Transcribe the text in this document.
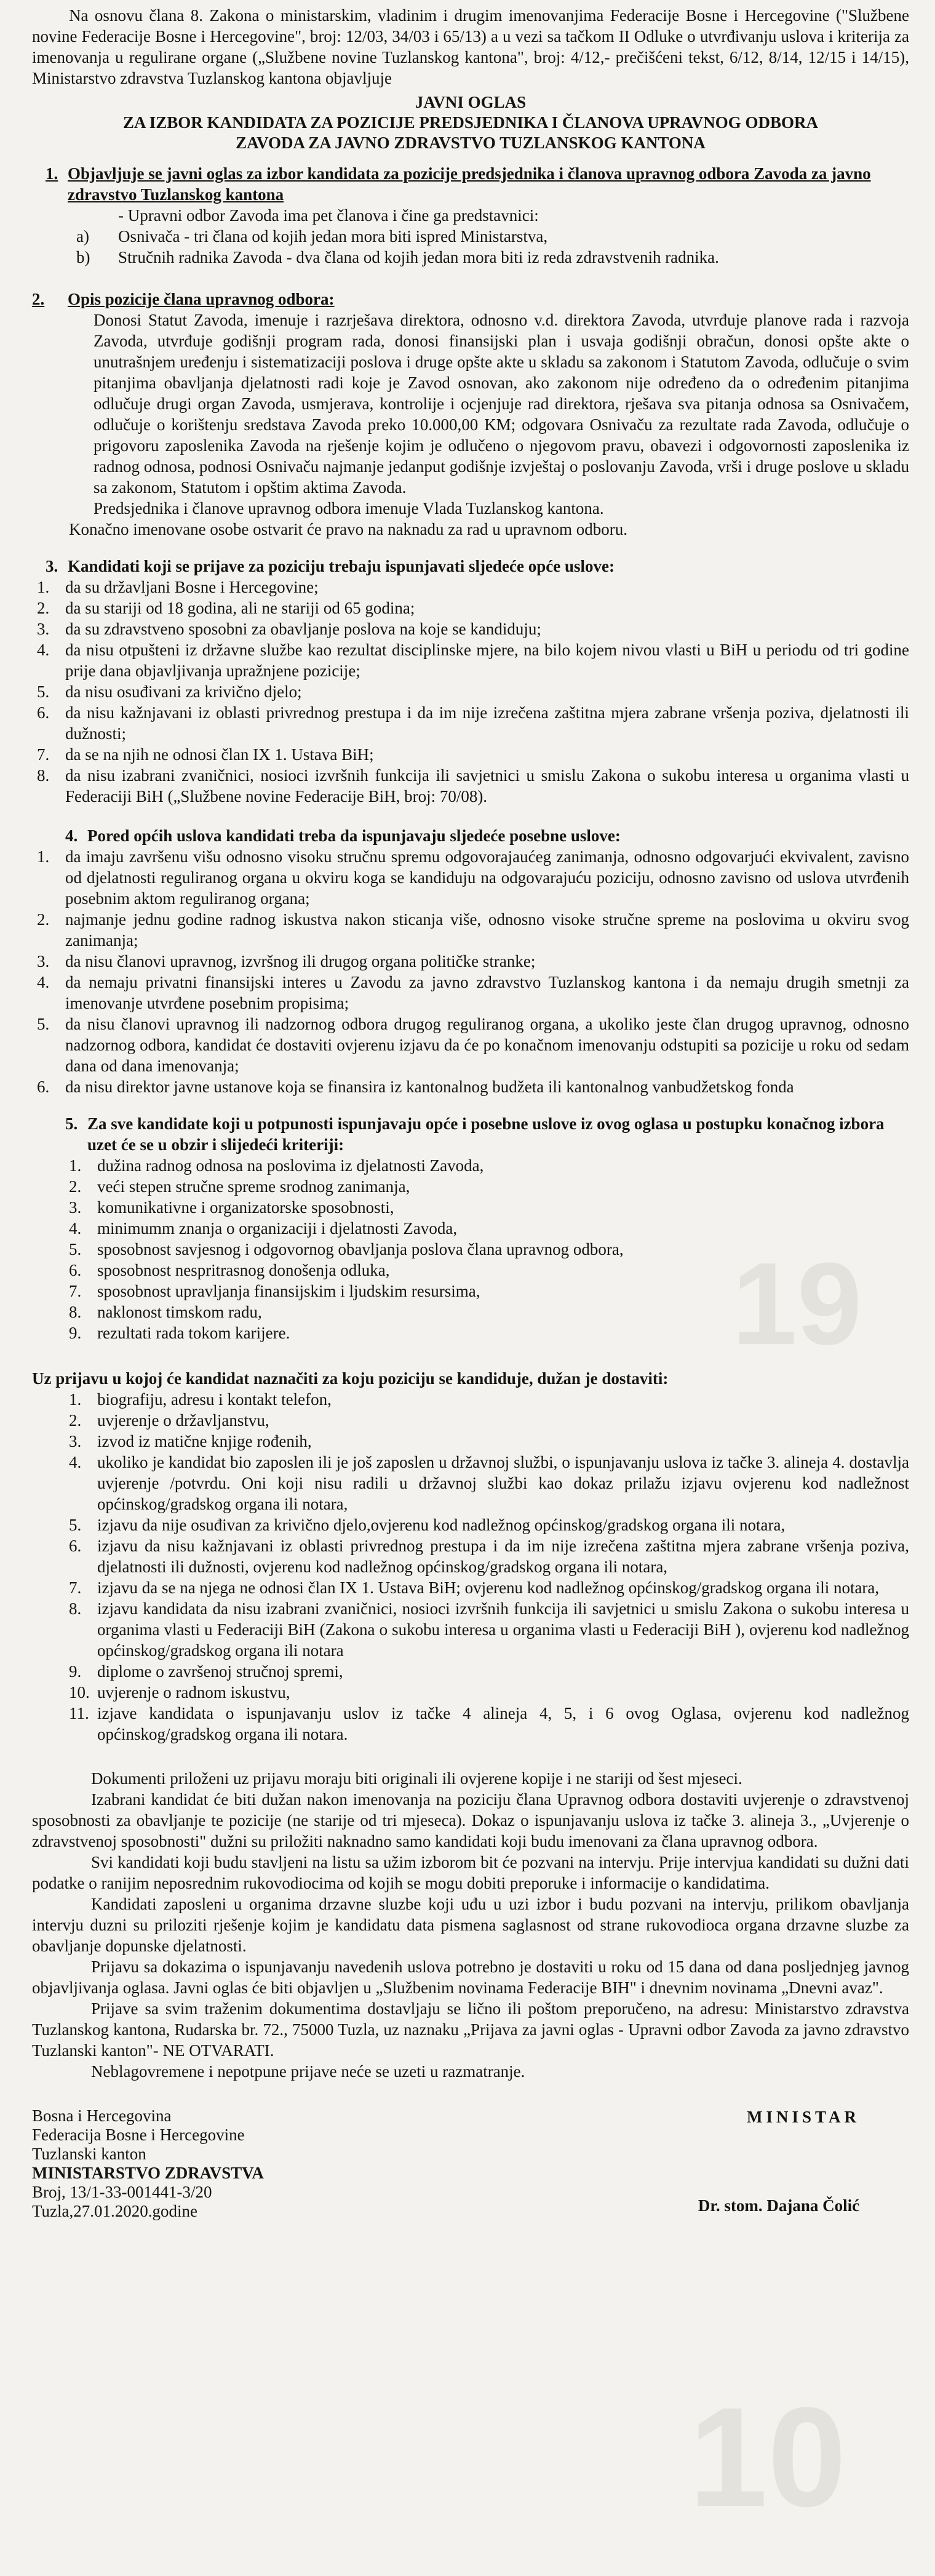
19
10

Na osnovu člana 8. Zakona o ministarskim, vladinim i drugim imenovanjima Federacije Bosne i Hercegovine ("Službene novine Federacije Bosne i Hercegovine", broj: 12/03, 34/03 i 65/13) a u vezi sa tačkom II Odluke o utvrđivanju uslova i kriterija za imenovanja u regulirane organe („Službene novine Tuzlanskog kantona", broj: 4/12,- prečišćeni tekst, 6/12, 8/14, 12/15 i 14/15), Ministarstvo zdravstva Tuzlanskog kantona objavljuje

JAVNI OGLAS
ZA IZBOR KANDIDATA ZA POZICIJE PREDSJEDNIKA I ČLANOVA UPRAVNOG ODBORA
ZAVODA ZA JAVNO ZDRAVSTVO TUZLANSKOG KANTONA
1. Objavljuje se javni oglas za izbor kandidata za pozicije predsjednika i članova upravnog odbora Zavoda za javno zdravstvo Tuzlanskog kantona
- Upravni odbor Zavoda ima pet članova i čine ga predstavnici:
a)	Osnivača - tri člana od kojih jedan mora biti ispred Ministarstva,
b)	Stručnih radnika Zavoda - dva člana od kojih jedan mora biti iz reda zdravstvenih radnika.
2.	Opis pozicije člana upravnog odbora:
Donosi Statut Zavoda, imenuje i razrješava direktora, odnosno v.d. direktora Zavoda, utvrđuje planove rada i razvoja Zavoda, utvrđuje godišnji program rada, donosi finansijski plan i usvaja godišnji obračun, donosi opšte akte o unutrašnjem uređenju i sistematizaciji poslova i druge opšte akte u skladu sa zakonom i Statutom Zavoda, odlučuje o svim pitanjima obavljanja djelatnosti radi koje je Zavod osnovan, ako zakonom nije određeno da o određenim pitanjima odlučuje drugi organ Zavoda, usmjerava, kontrolije i ocjenjuje rad direktora, rješava sva pitanja odnosa sa Osnivačem, odlučuje o korištenju sredstava Zavoda preko 10.000,00 KM; odgovara Osnivaču za rezultate rada Zavoda, odlučuje o prigovoru zaposlenika Zavoda na rješenje kojim je odlučeno o njegovom pravu, obavezi i odgovornosti zaposlenika iz radnog odnosa, podnosi Osnivaču najmanje jedanput godišnje izvještaj o poslovanju Zavoda, vrši i druge poslove u skladu sa zakonom, Statutom i opštim aktima Zavoda.
Predsjednika i članove upravnog odbora imenuje Vlada Tuzlanskog kantona.
Konačno imenovane osobe ostvarit će pravo na naknadu za rad u upravnom odboru.
3. Kandidati koji se prijave za poziciju trebaju ispunjavati sljedeće opće uslove:
1. da su državljani Bosne i Hercegovine;
2. da su stariji od 18 godina, ali ne stariji od 65 godina;
3. da su zdravstveno sposobni za obavljanje poslova na koje se kandiduju;
4. da nisu otpušteni iz državne službe kao rezultat disciplinske mjere, na bilo kojem nivou vlasti u BiH u periodu od tri godine prije dana objavljivanja upražnjene pozicije;
5. da nisu osuđivani za krivično djelo;
6. da nisu kažnjavani iz oblasti privrednog prestupa i da im nije izrečena zaštitna mjera zabrane vršenja poziva, djelatnosti ili dužnosti;
7. da se na njih ne odnosi član IX 1. Ustava BiH;
8. da nisu izabrani zvaničnici, nosioci izvršnih funkcija ili savjetnici u smislu Zakona o sukobu interesa u organima vlasti u Federaciji BiH („Službene novine Federacije BiH, broj: 70/08).
4. Pored općih uslova kandidati treba da ispunjavaju sljedeće posebne uslove:
1. da imaju završenu višu odnosno visoku stručnu spremu odgovorajaućeg zanimanja, odnosno odgovarjući ekvivalent, zavisno od djelatnosti reguliranog organa u okviru koga se kandiduju na odgovarajuću poziciju, odnosno zavisno od uslova utvrđenih posebnim aktom reguliranog organa;
2. najmanje jednu godine radnog iskustva nakon sticanja više, odnosno visoke stručne spreme na poslovima u okviru svog zanimanja;
3. da nisu članovi upravnog, izvršnog ili drugog organa političke stranke;
4. da nemaju privatni finansijski interes u Zavodu za javno zdravstvo Tuzlanskog kantona i da nemaju drugih smetnji za imenovanje utvrđene posebnim propisima;
5. da nisu članovi upravnog ili nadzornog odbora drugog reguliranog organa, a ukoliko jeste član drugog upravnog, odnosno nadzornog odbora, kandidat će dostaviti ovjerenu izjavu da će po konačnom imenovanju odstupiti sa pozicije u roku od sedam dana od dana imenovanja;
6. da nisu direktor javne ustanove koja se finansira iz kantonalnog budžeta ili kantonalnog vanbudžetskog fonda
5. Za sve kandidate koji u potpunosti ispunjavaju opće i posebne uslove iz ovog oglasa u postupku konačnog izbora uzet će se u obzir i slijedeći kriteriji:
1. dužina radnog odnosa na poslovima iz djelatnosti Zavoda,
2. veći stepen stručne spreme srodnog zanimanja,
3. komunikativne i organizatorske sposobnosti,
4. minimumm znanja o organizaciji i djelatnosti Zavoda,
5. sposobnost savjesnog i odgovornog obavljanja poslova člana upravnog odbora,
6. sposobnost nespritrasnog donošenja odluka,
7. sposobnost upravljanja finansijskim i ljudskim resursima,
8. naklonost timskom radu,
9. rezultati rada tokom karijere.
Uz prijavu u kojoj će kandidat naznačiti za koju poziciju se kandiduje, dužan je dostaviti:
1. biografiju, adresu i kontakt telefon,
2. uvjerenje o državljanstvu,
3. izvod iz matične knjige rođenih,
4. ukoliko je kandidat bio zaposlen ili je još zaposlen u državnoj službi, o ispunjavanju uslova iz tačke 3. alineja 4. dostavlja uvjerenje /potvrdu. Oni koji nisu radili u državnoj službi kao dokaz prilažu izjavu ovjerenu kod nadležnost općinskog/gradskog organa ili notara,
5. izjavu da nije osuđivan za krivično djelo,ovjerenu kod nadležnog općinskog/gradskog organa ili notara,
6. izjavu da nisu kažnjavani iz oblasti privrednog prestupa i da im nije izrečena zaštitna mjera zabrane vršenja poziva, djelatnosti ili dužnosti, ovjerenu kod nadležnog općinskog/gradskog organa ili notara,
7. izjavu da se na njega ne odnosi član IX 1. Ustava BiH; ovjerenu kod nadležnog općinskog/gradskog organa ili notara,
8. izjavu kandidata da nisu izabrani zvaničnici, nosioci izvršnih funkcija ili savjetnici u smislu Zakona o sukobu interesa u organima vlasti u Federaciji BiH (Zakona o sukobu interesa u organima vlasti u Federaciji BiH ), ovjerenu kod nadležnog općinskog/gradskog organa ili notara
9. diplome o završenoj stručnoj spremi,
10. uvjerenje o radnom iskustvu,
11. izjave kandidata o ispunjavanju uslov iz tačke 4 alineja 4, 5, i 6 ovog Oglasa, ovjerenu kod nadležnog općinskog/gradskog organa ili notara.

Dokumenti priloženi uz prijavu moraju biti originali ili ovjerene kopije i ne stariji od šest mjeseci.

Izabrani kandidat će biti dužan nakon imenovanja na poziciju člana Upravnog odbora dostaviti uvjerenje o zdravstvenoj sposobnosti za obavljanje te pozicije (ne starije od tri mjeseca). Dokaz o ispunjavanju uslova iz tačke 3. alineja 3., „Uvjerenje o zdravstvenoj sposobnosti" dužni su priložiti naknadno samo kandidati koji budu imenovani za člana upravnog odbora.

Svi kandidati koji budu stavljeni na listu sa užim izborom bit će pozvani na intervju. Prije intervjua kandidati su dužni dati podatke o ranijim neposrednim rukovodiocima od kojih se mogu dobiti preporuke i informacije o kandidatima.

Kandidati zaposleni u organima drzavne sluzbe koji uđu u uzi izbor i budu pozvani na intervju, prilikom obavljanja intervju duzni su priloziti rješenje kojim je kandidatu data pismena saglasnost od strane rukovodioca organa drzavne sluzbe za obavljanje dopunske djelatnosti.

Prijavu sa dokazima o ispunjavanju navedenih uslova potrebno je dostaviti u roku od 15 dana od dana posljednjeg javnog objavljivanja oglasa. Javni oglas će biti objavljen u „Službenim novinama Federacije BIH" i dnevnim novinama „Dnevni avaz".

Prijave sa svim traženim dokumentima dostavljaju se lično ili poštom preporučeno, na adresu: Ministarstvo zdravstva Tuzlanskog kantona, Rudarska br. 72., 75000 Tuzla, uz naznaku „Prijava za javni oglas - Upravni odbor Zavoda za javno zdravstvo Tuzlanski kanton"- NE OTVARATI.

Neblagovremene i nepotpune prijave neće se uzeti u razmatranje.

Bosna i Hercegovina
Federacija Bosne i Hercegovine
Tuzlanski kanton
MINISTARSTVO ZDRAVSTVA
Broj, 13/1-33-001441-3/20
Tuzla,27.01.2020.godine
MINISTAR
Dr. stom. Dajana Čolić
